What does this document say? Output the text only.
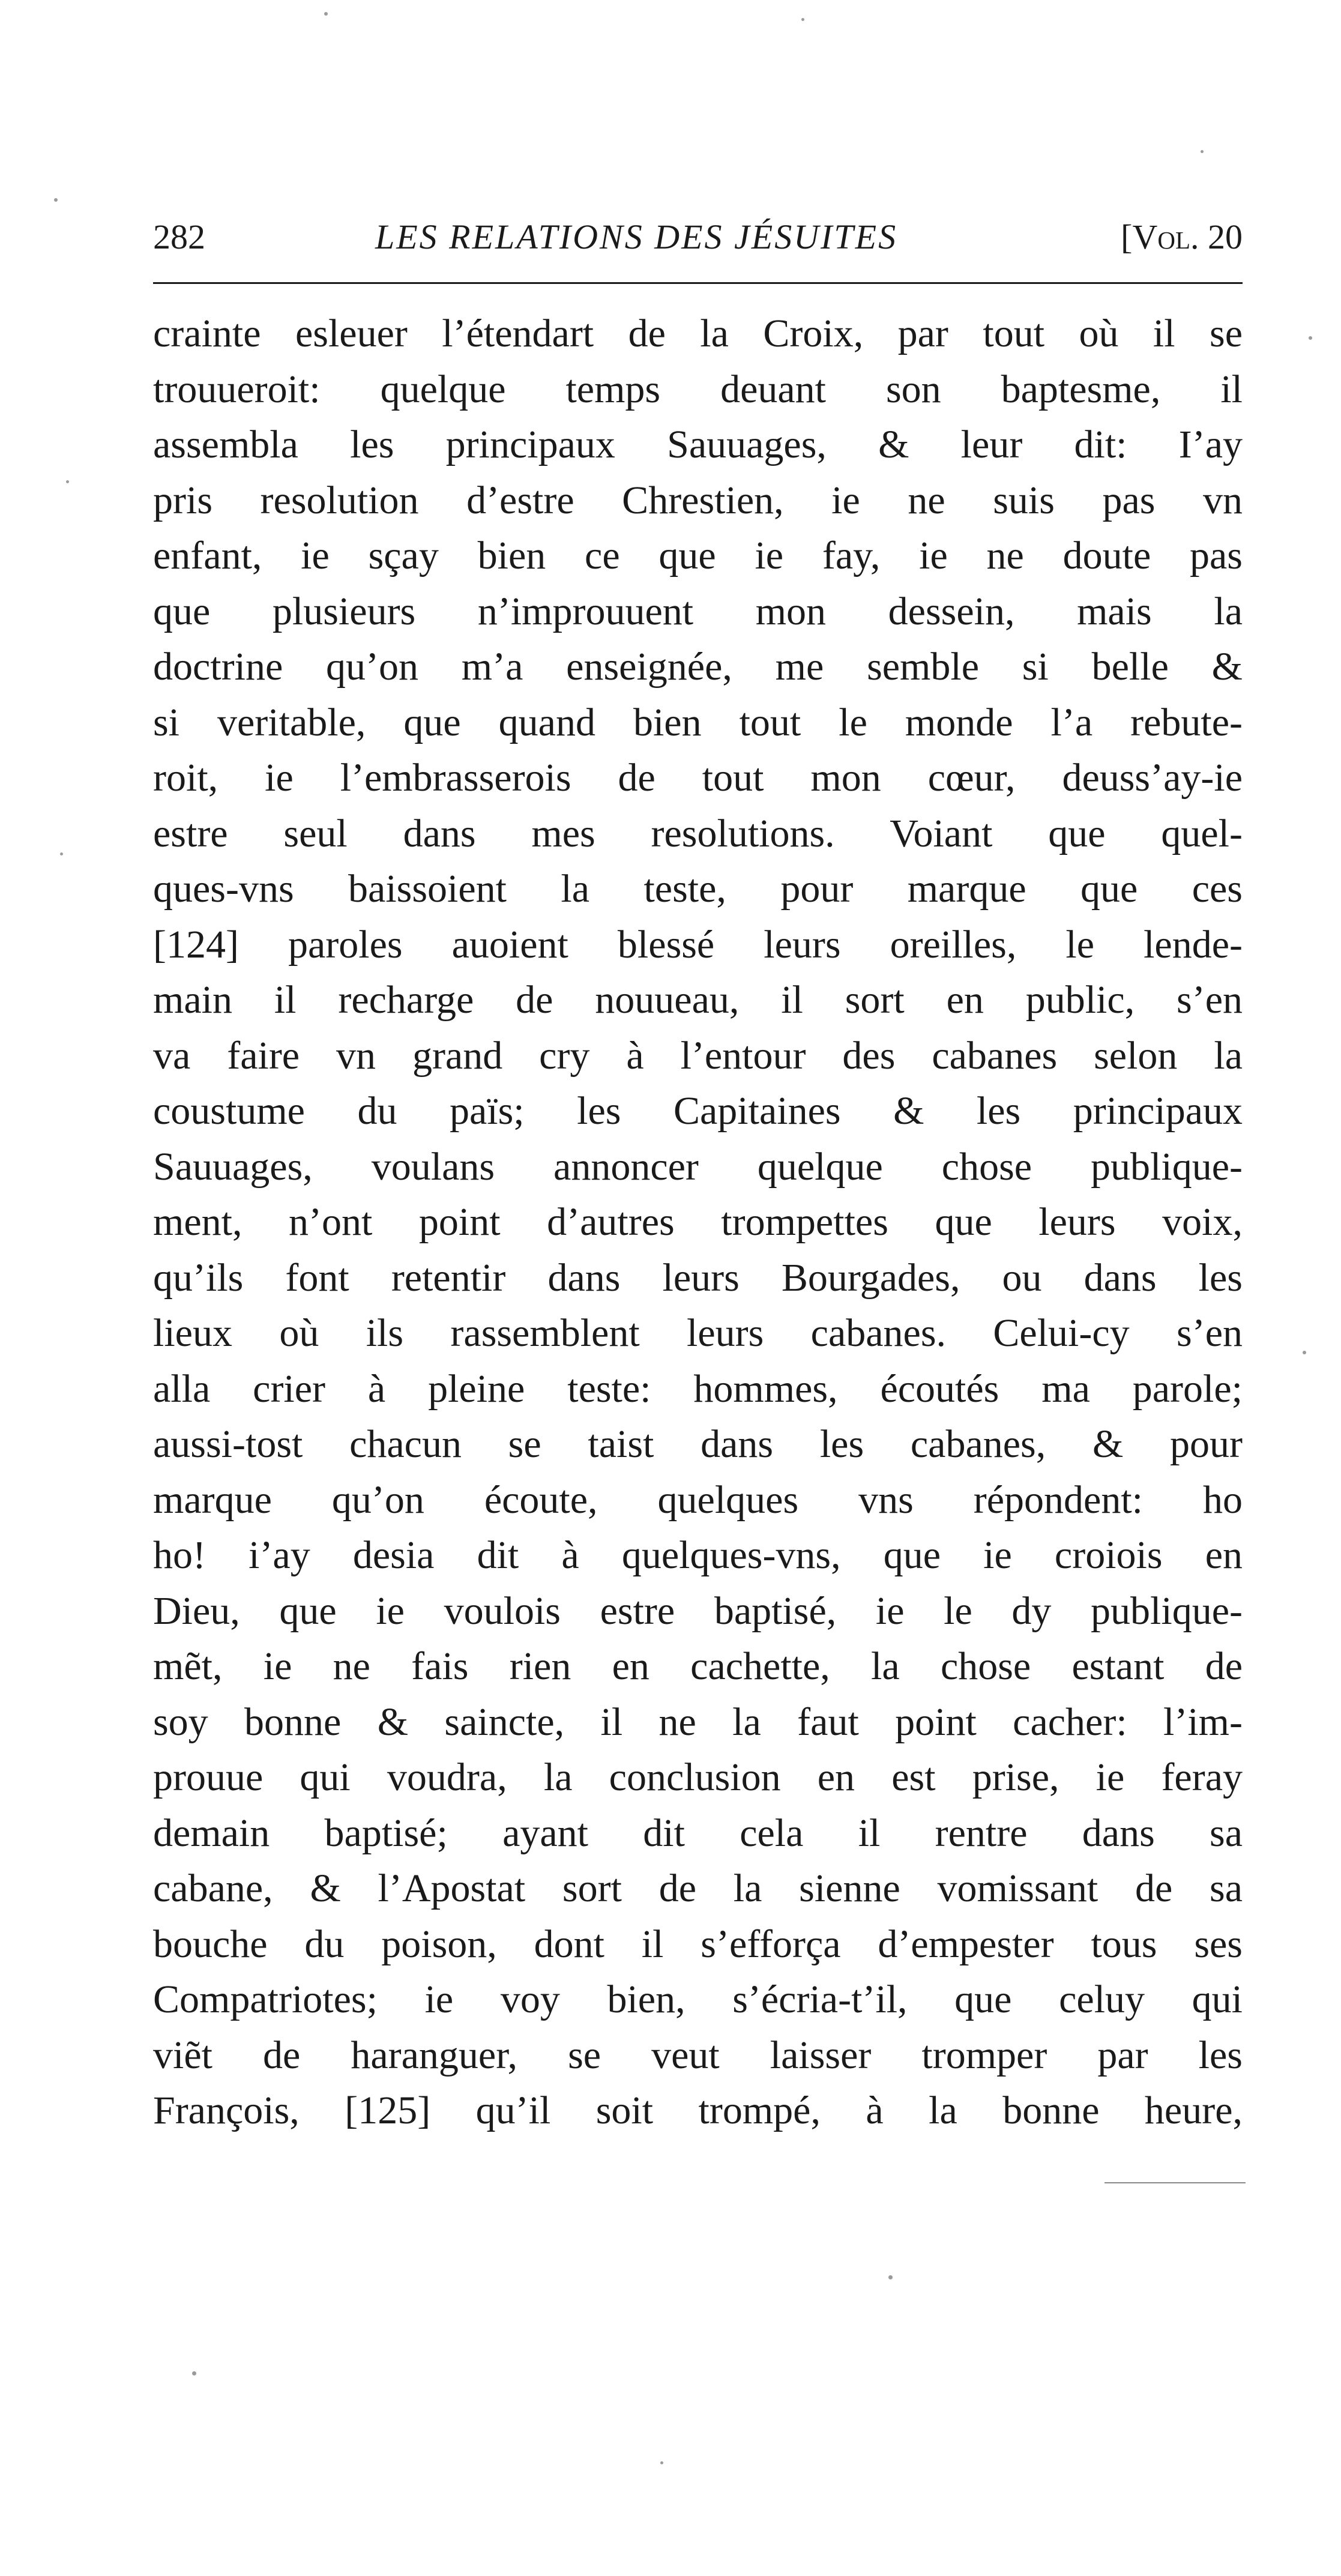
282	LES RELATIONS DES JÉSUITES	[Vol. 20
crainte esleuer l’étendart de la Croix, par tout où il se
trouueroit: quelque temps deuant son baptesme, il
assembla les principaux Sauuages, & leur dit: I’ay
pris resolution d’estre Chrestien, ie ne suis pas vn
enfant, ie sçay bien ce que ie fay, ie ne doute pas
que plusieurs n’improuuent mon dessein, mais la
doctrine qu’on m’a enseignée, me semble si belle &
si veritable, que quand bien tout le monde l’a rebute-
roit, ie l’embrasserois de tout mon cœur, deuss’ay-ie
estre seul dans mes resolutions. Voiant que quel-
ques-vns baissoient la teste, pour marque que ces
[124] paroles auoient blessé leurs oreilles, le lende-
main il recharge de nouueau, il sort en public, s’en
va faire vn grand cry à l’entour des cabanes selon la
coustume du païs; les Capitaines & les principaux
Sauuages, voulans annoncer quelque chose publique-
ment, n’ont point d’autres trompettes que leurs voix,
qu’ils font retentir dans leurs Bourgades, ou dans les
lieux où ils rassemblent leurs cabanes. Celui-cy s’en
alla crier à pleine teste: hommes, écoutés ma parole;
aussi-tost chacun se taist dans les cabanes, & pour
marque qu’on écoute, quelques vns répondent: ho
ho! i’ay desia dit à quelques-vns, que ie croiois en
Dieu, que ie voulois estre baptisé, ie le dy publique-
mẽt, ie ne fais rien en cachette, la chose estant de
soy bonne & saincte, il ne la faut point cacher: l’im-
prouue qui voudra, la conclusion en est prise, ie feray
demain baptisé; ayant dit cela il rentre dans sa
cabane, & l’Apostat sort de la sienne vomissant de sa
bouche du poison, dont il s’efforça d’empester tous ses
Compatriotes; ie voy bien, s’écria-t’il, que celuy qui
viẽt de haranguer, se veut laisser tromper par les
François, [125] qu’il soit trompé, à la bonne heure,
